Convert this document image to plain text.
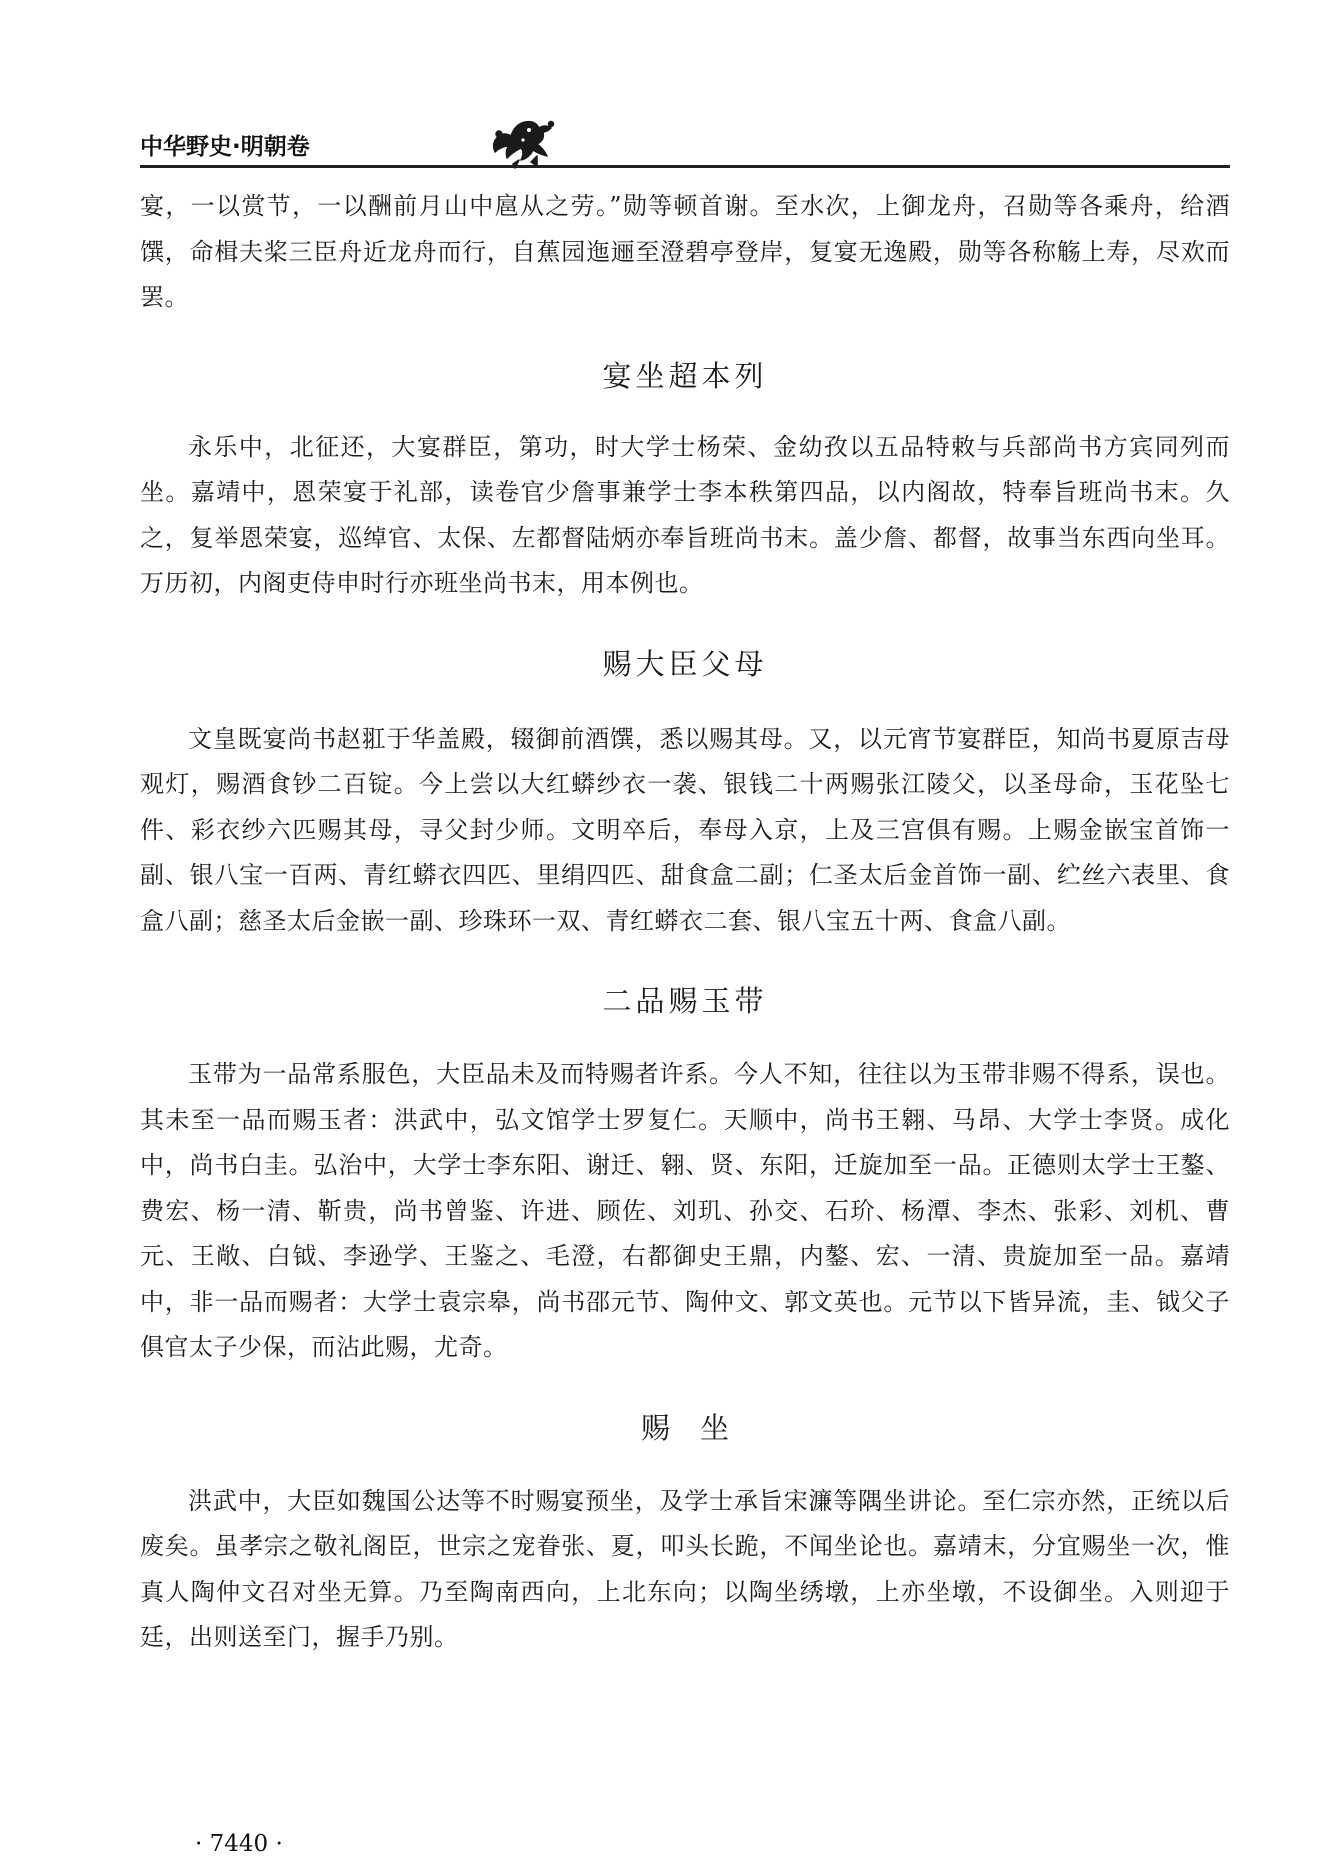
中华野史·明朝卷

宴，一以赏节，一以酬前月山中扈从之劳。”勋等顿首谢。至水次，上御龙舟，召勋等各乘舟，给酒馔，命楫夫桨三臣舟近龙舟而行，自蕉园迤逦至澄碧亭登岸，复宴无逸殿，勋等各称觞上寿，尽欢而罢。

宴坐超本列

永乐中，北征还，大宴群臣，第功，时大学士杨荣、金幼孜以五品特敕与兵部尚书方宾同列而坐。嘉靖中，恩荣宴于礼部，读卷官少詹事兼学士李本秩第四品，以内阁故，特奉旨班尚书末。久之，复举恩荣宴，巡绰官、太保、左都督陆炳亦奉旨班尚书末。盖少詹、都督，故事当东西向坐耳。万历初，内阁吏侍申时行亦班坐尚书末，用本例也。

赐大臣父母

文皇既宴尚书赵羾于华盖殿，辍御前酒馔，悉以赐其母。又，以元宵节宴群臣，知尚书夏原吉母观灯，赐酒食钞二百锭。今上尝以大红蟒纱衣一袭、银钱二十两赐张江陵父，以圣母命，玉花坠七件、彩衣纱六匹赐其母，寻父封少师。文明卒后，奉母入京，上及三宫俱有赐。上赐金嵌宝首饰一副、银八宝一百两、青红蟒衣四匹、里绢四匹、甜食盒二副；仁圣太后金首饰一副、纻丝六表里、食盒八副；慈圣太后金嵌一副、珍珠环一双、青红蟒衣二套、银八宝五十两、食盒八副。

二品赐玉带

玉带为一品常系服色，大臣品未及而特赐者许系。今人不知，往往以为玉带非赐不得系，误也。其未至一品而赐玉者：洪武中，弘文馆学士罗复仁。天顺中，尚书王翱、马昂、大学士李贤。成化中，尚书白圭。弘治中，大学士李东阳、谢迁、翱、贤、东阳，迁旋加至一品。正德则太学士王鏊、费宏、杨一清、靳贵，尚书曾鉴、许进、顾佐、刘玑、孙交、石玠、杨潭、李杰、张彩、刘机、曹元、王敞、白钺、李逊学、王鉴之、毛澄，右都御史王鼎，内鏊、宏、一清、贵旋加至一品。嘉靖中，非一品而赐者：大学士袁宗皋，尚书邵元节、陶仲文、郭文英也。元节以下皆异流，圭、钺父子俱官太子少保，而沾此赐，尤奇。

赐坐

洪武中，大臣如魏国公达等不时赐宴预坐，及学士承旨宋濂等隅坐讲论。至仁宗亦然，正统以后废矣。虽孝宗之敬礼阁臣，世宗之宠眷张、夏，叩头长跪，不闻坐论也。嘉靖末，分宜赐坐一次，惟真人陶仲文召对坐无算。乃至陶南西向，上北东向；以陶坐绣墩，上亦坐墩，不设御坐。入则迎于廷，出则送至门，握手乃别。

· 7440 ·
